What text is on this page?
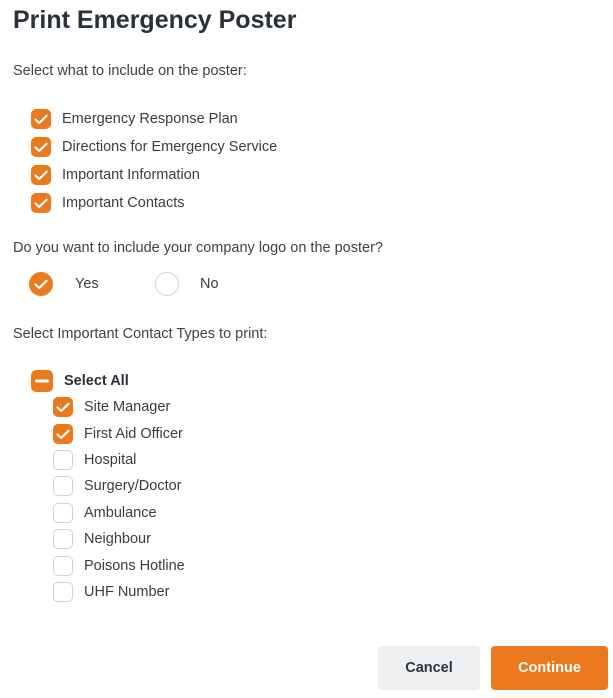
Print Emergency Poster
Select what to include on the poster:
Emergency Response Plan
Directions for Emergency Service
Important Information
Important Contacts
Do you want to include your company logo on the poster?
Yes	No
Select Important Contact Types to print:
Select All
Site Manager
First Aid Officer
Hospital
Surgery/Doctor
Ambulance
Neighbour
Poisons Hotline
UHF Number
Cancel	Continue
